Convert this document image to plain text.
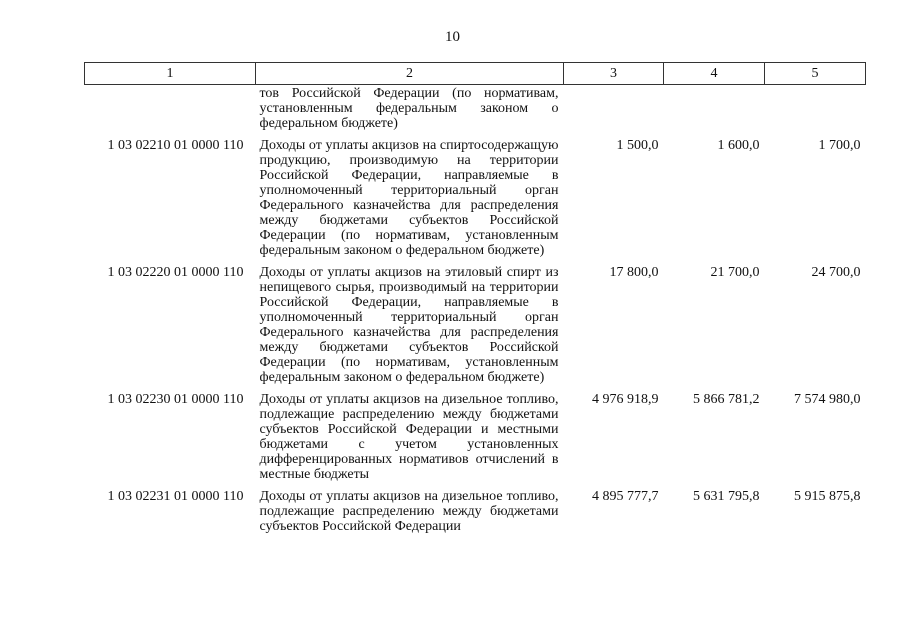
10
1	2	3	4	5
	тов Российской Федерации (по нормативам, установленным федеральным законом о федеральном бюджете)			
1 03 02210 01 0000 110	Доходы от уплаты акцизов на спиртосодержащую продукцию, производимую на территории Российской Федерации, направляемые в уполномоченный территориальный орган Федерального казначейства для распределения между бюджетами субъектов Российской Федерации (по нормативам, установленным федеральным законом о федеральном бюджете)	1 500,0	1 600,0	1 700,0
1 03 02220 01 0000 110	Доходы от уплаты акцизов на этиловый спирт из непищевого сырья, производимый на территории Российской Федерации, направляемые в уполномоченный территориальный орган Федерального казначейства для распределения между бюджетами субъектов Российской Федерации (по нормативам, установленным федеральным законом о федеральном бюджете)	17 800,0	21 700,0	24 700,0
1 03 02230 01 0000 110	Доходы от уплаты акцизов на дизельное топливо, подлежащие распределению между бюджетами субъектов Российской Федерации и местными бюджетами с учетом установленных дифференцированных нормативов отчислений в местные бюджеты	4 976 918,9	5 866 781,2	7 574 980,0
1 03 02231 01 0000 110	Доходы от уплаты акцизов на дизельное топливо, подлежащие распределению между бюджетами субъектов Российской Федерации	4 895 777,7	5 631 795,8	5 915 875,8
